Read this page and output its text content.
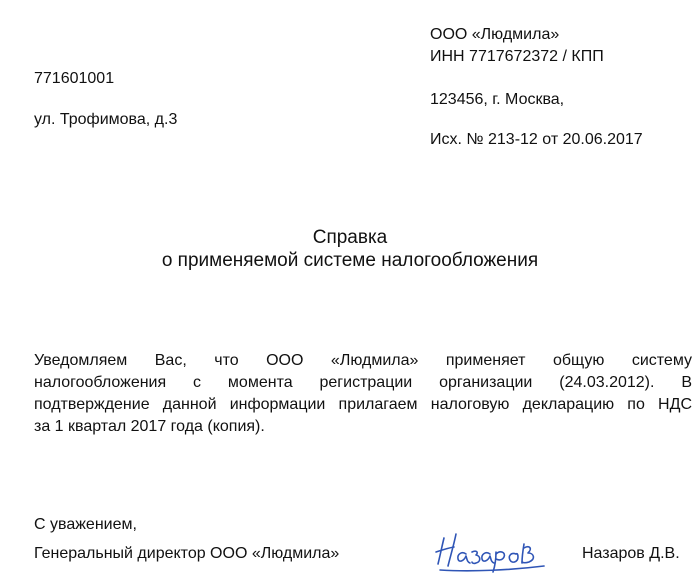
ООО «Людмила»
ИНН 7717672372 / КПП
123456, г. Москва,
Исх. № 213-12 от 20.06.2017
771601001
ул. Трофимова, д.3
Справка
о применяемой системе налогообложения
Уведомляем Вас, что ООО «Людмила» применяет общую систему
налогообложения с момента регистрации организации (24.03.2012). В
подтверждение данной информации прилагаем налоговую декларацию по НДС
за 1 квартал 2017 года (копия).
С уважением,
Генеральный директор ООО «Людмила»	Назаров Д.В.
